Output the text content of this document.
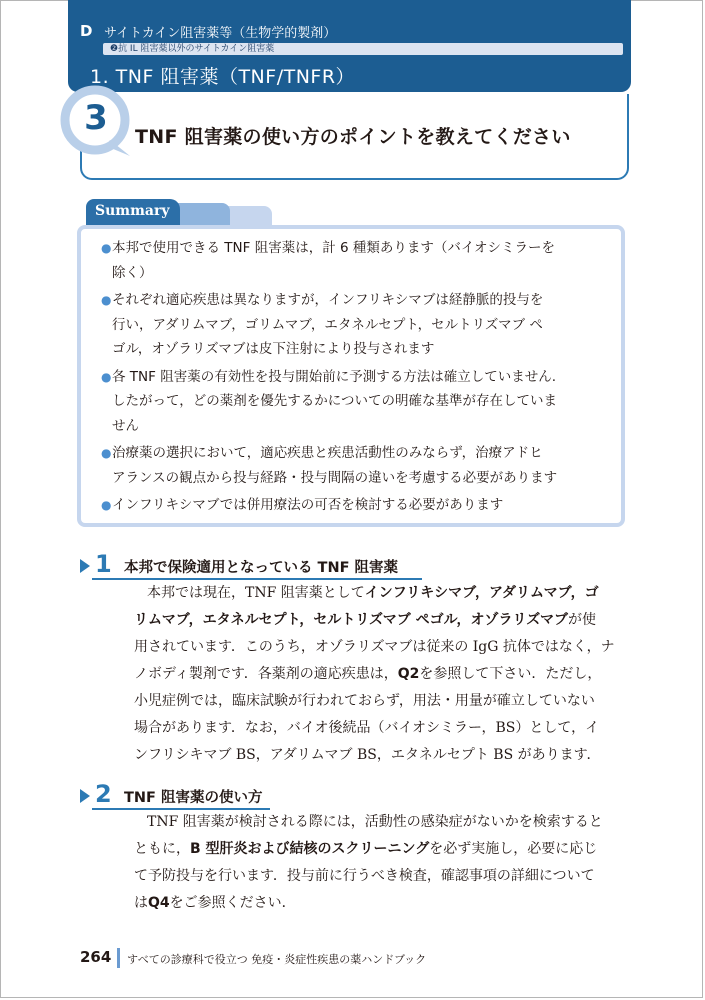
D サイトカイン阻害薬等（生物学的製剤）
❷抗 IL 阻害薬以外のサイトカイン阻害薬
1. TNF 阻害薬（TNF/TNFR）
3	TNF 阻害薬の使い方のポイントを教えてください
Summary
● 本邦で使用できる TNF 阻害薬は，計 6 種類あります（バイオシミラーを
除く）
● それぞれ適応疾患は異なりますが，インフリキシマブは経静脈的投与を
行い，アダリムマブ，ゴリムマブ，エタネルセプト，セルトリズマブ ペ
ゴル，オゾラリズマブは皮下注射により投与されます
● 各 TNF 阻害薬の有効性を投与開始前に予測する方法は確立していません.
したがって，どの薬剤を優先するかについての明確な基準が存在していま
せん
● 治療薬の選択において，適応疾患と疾患活動性のみならず，治療アドヒ
アランスの観点から投与経路・投与間隔の違いを考慮する必要があります
● インフリキシマブでは併用療法の可否を検討する必要があります
1 本邦で保険適用となっている TNF 阻害薬
本邦では現在，TNF 阻害薬としてインフリキシマブ，アダリムマブ，ゴ
リムマブ，エタネルセプト，セルトリズマブ ペゴル，オゾラリズマブが使
用されています．このうち，オゾラリズマブは従来の IgG 抗体ではなく，ナ
ノボディ製剤です．各薬剤の適応疾患は，Q2を参照して下さい．ただし，
小児症例では，臨床試験が行われておらず，用法・用量が確立していない
場合があります．なお，バイオ後続品（バイオシミラー，BS）として，イ
ンフリシキマブ BS，アダリムマブ BS，エタネルセプト BS があります．
2 TNF 阻害薬の使い方
TNF 阻害薬が検討される際には，活動性の感染症がないかを検索すると
ともに，B 型肝炎および結核のスクリーニングを必ず実施し，必要に応じ
て予防投与を行います．投与前に行うべき検査，確認事項の詳細について
はQ4をご参照ください．
264 すべての診療科で役立つ 免疫・炎症性疾患の薬ハンドブック
